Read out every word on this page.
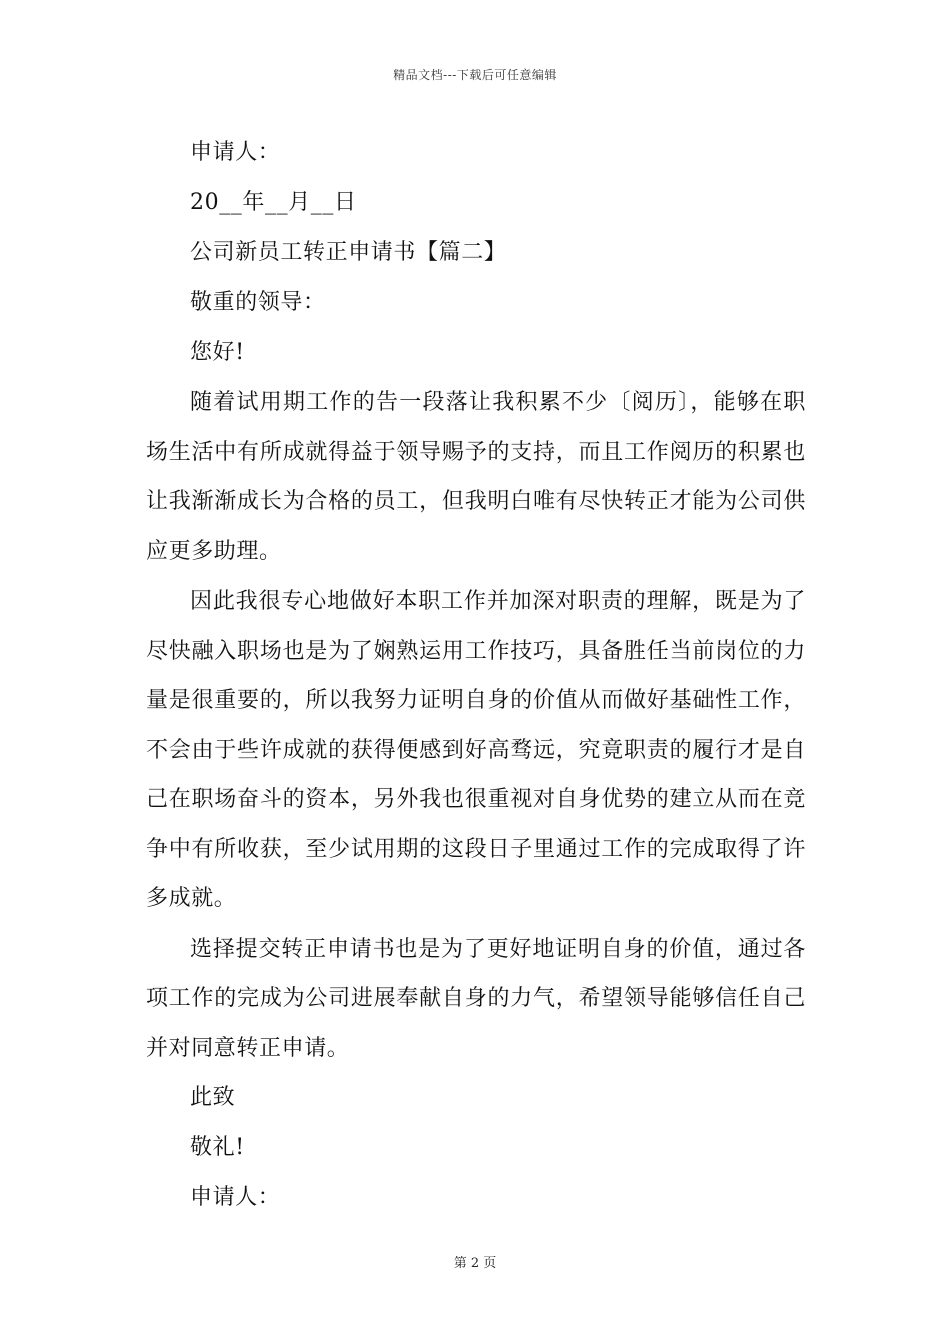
精品文档---下载后可任意编辑
申请人：
20__年__月__日
公司新员工转正申请书【篇二】
敬重的领导：
您好!

随着试用期工作的告一段落让我积累不少〔阅历〕，能够在职场生活中有所成就得益于领导赐予的支持，而且工作阅历的积累也让我渐渐成长为合格的员工，但我明白唯有尽快转正才能为公司供应更多助理。

因此我很专心地做好本职工作并加深对职责的理解，既是为了尽快融入职场也是为了娴熟运用工作技巧，具备胜任当前岗位的力量是很重要的，所以我努力证明自身的价值从而做好基础性工作，不会由于些许成就的获得便感到好高骛远，究竟职责的履行才是自己在职场奋斗的资本，另外我也很重视对自身优势的建立从而在竞争中有所收获，至少试用期的这段日子里通过工作的完成取得了许多成就。

选择提交转正申请书也是为了更好地证明自身的价值，通过各项工作的完成为公司进展奉献自身的力气，希望领导能够信任自己并对同意转正申请。

此致
敬礼!
申请人：
第 2 页
